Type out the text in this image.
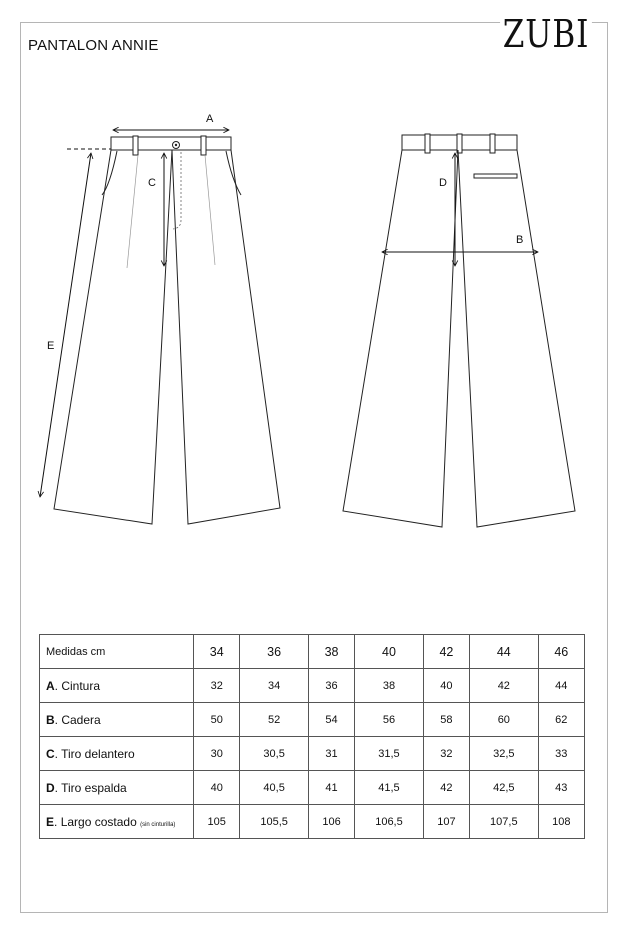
ZUBI
PANTALON ANNIE
A
C
E
D
B
Medidas cm	34	36	38	40	42	44	46
A. Cintura	32	34	36	38	40	42	44
B. Cadera	50	52	54	56	58	60	62
C. Tiro delantero	30	30,5	31	31,5	32	32,5	33
D. Tiro espalda	40	40,5	41	41,5	42	42,5	43
E. Largo costado (sin cinturilla)	105	105,5	106	106,5	107	107,5	108
